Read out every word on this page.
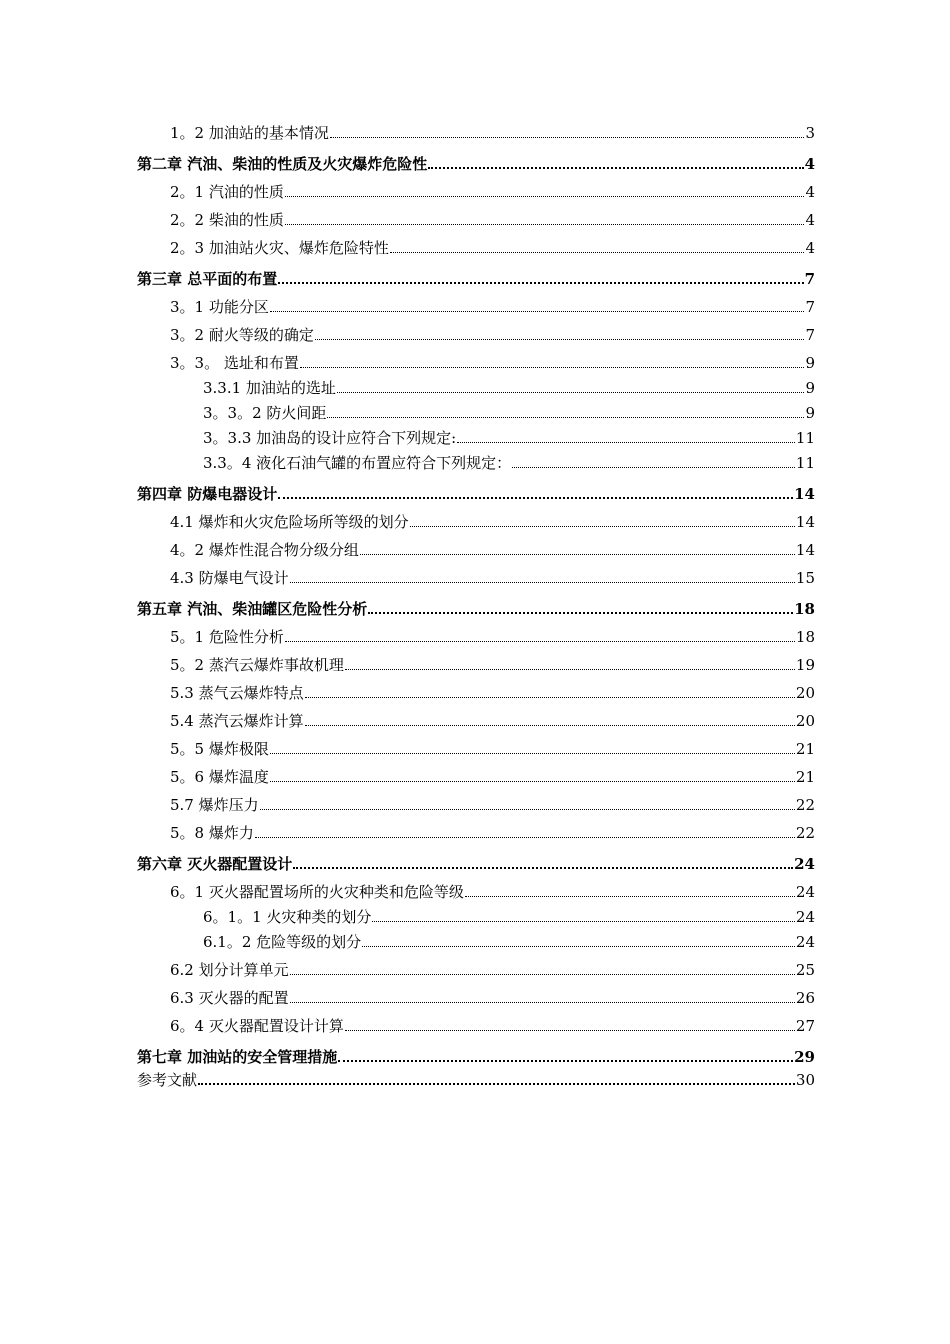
1。2 加油站的基本情况	3
第二章 汽油、柴油的性质及火灾爆炸危险性	4
2。1 汽油的性质	4
2。2 柴油的性质	4
2。3 加油站火灾、爆炸危险特性	4
第三章 总平面的布置	7
3。1 功能分区	7
3。2 耐火等级的确定	7
3。3。 选址和布置	9
3.3.1 加油站的选址	9
3。3。2 防火间距	9
3。3.3 加油岛的设计应符合下列规定:	11
3.3。4 液化石油气罐的布置应符合下列规定：	11
第四章 防爆电器设计	14
4.1 爆炸和火灾危险场所等级的划分	14
4。2 爆炸性混合物分级分组	14
4.3 防爆电气设计	15
第五章 汽油、柴油罐区危险性分析	18
5。1 危险性分析	18
5。2 蒸汽云爆炸事故机理	19
5.3 蒸气云爆炸特点	20
5.4 蒸汽云爆炸计算	20
5。5 爆炸极限	21
5。6 爆炸温度	21
5.7 爆炸压力	22
5。8 爆炸力	22
第六章 灭火器配置设计	24
6。1 灭火器配置场所的火灾种类和危险等级	24
6。1。1 火灾种类的划分	24
6.1。2 危险等级的划分	24
6.2 划分计算单元	25
6.3 灭火器的配置	26
6。4 灭火器配置设计计算	27
第七章 加油站的安全管理措施	29
参考文献	30
